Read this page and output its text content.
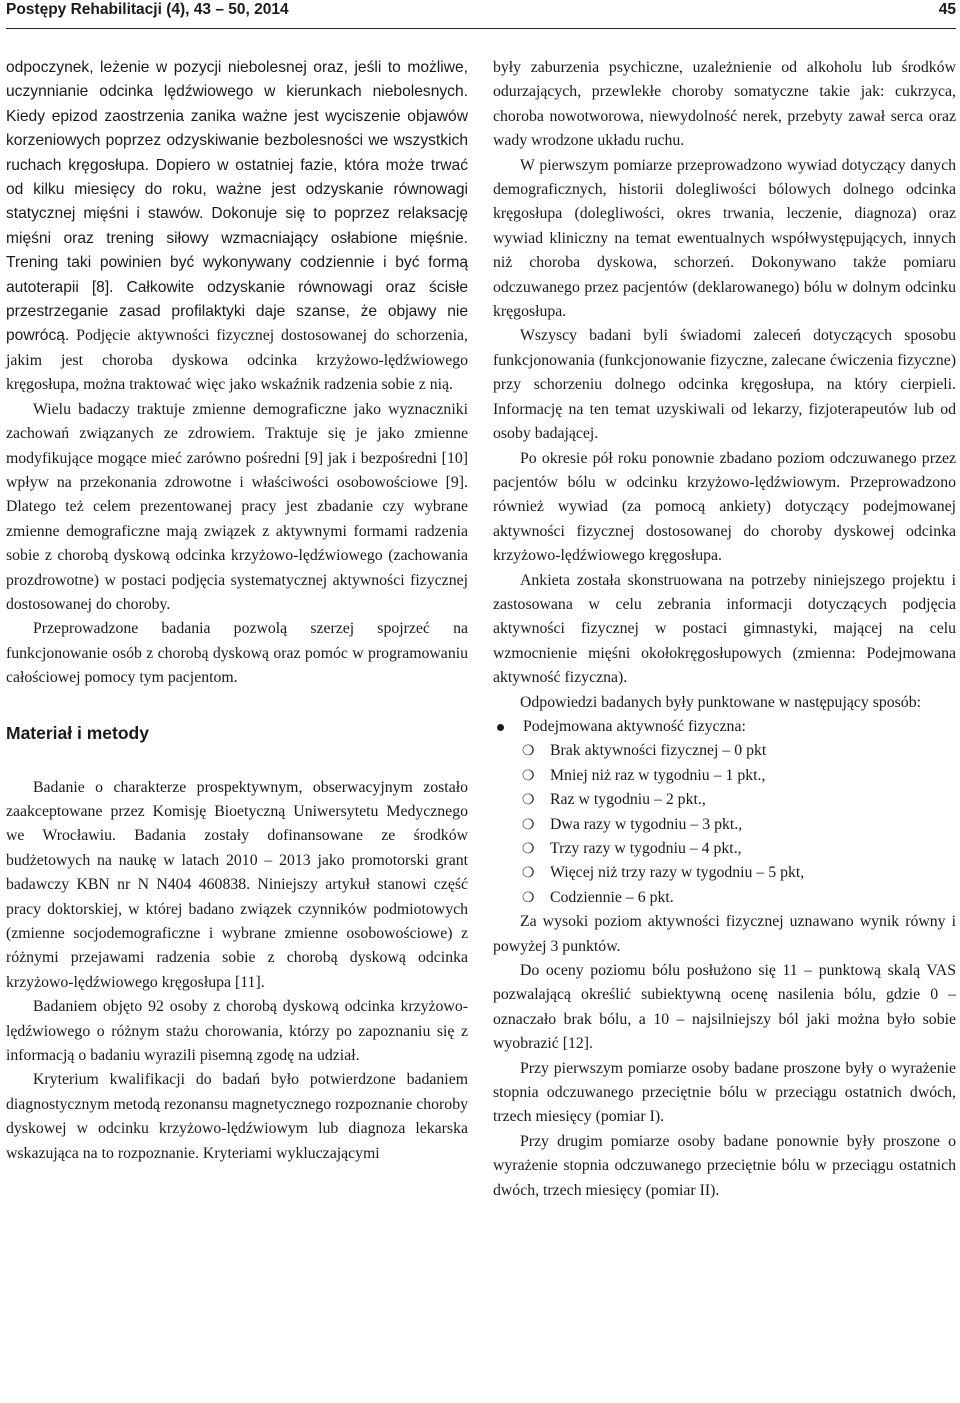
Postępy Rehabilitacji (4), 43 – 50, 2014	45

odpoczynek, leżenie w pozycji niebolesnej oraz, jeśli to możliwe, uczynnianie odcinka lędźwiowego w kierunkach niebolesnych. Kiedy epizod zaostrzenia zanika ważne jest wyciszenie objawów korzeniowych poprzez odzyskiwanie bezbolesności we wszystkich ruchach kręgosłupa. Dopiero w ostatniej fazie, która może trwać od kilku miesięcy do roku, ważne jest odzyskanie równowagi statycznej mięśni i stawów. Dokonuje się to poprzez relaksację mięśni oraz trening siłowy wzmacniający osłabione mięśnie. Trening taki powinien być wykonywany codziennie i być formą autoterapii [8]. Całkowite odzyskanie równowagi oraz ścisłe przestrzeganie zasad profilaktyki daje szanse, że objawy nie powrócą. Podjęcie aktywności fizycznej dostosowanej do schorzenia, jakim jest choroba dyskowa odcinka krzyżowo-lędźwiowego kręgosłupa, można traktować więc jako wskaźnik radzenia sobie z nią.

Wielu badaczy traktuje zmienne demograficzne jako wyznaczniki zachowań związanych ze zdrowiem. Traktuje się je jako zmienne modyfikujące mogące mieć zarówno pośredni [9] jak i bezpośredni [10] wpływ na przekonania zdrowotne i właściwości osobowościowe [9]. Dlatego też celem prezentowanej pracy jest zbadanie czy wybrane zmienne demograficzne mają związek z aktywnymi formami radzenia sobie z chorobą dyskową odcinka krzyżowo-lędźwiowego (zachowania prozdrowotne) w postaci podjęcia systematycznej aktywności fizycznej dostosowanej do choroby.

Przeprowadzone badania pozwolą szerzej spojrzeć na funkcjonowanie osób z chorobą dyskową oraz pomóc w programowaniu całościowej pomocy tym pacjentom.

Materiał i metody

Badanie o charakterze prospektywnym, obserwacyjnym zostało zaakceptowane przez Komisję Bioetyczną Uniwersytetu Medycznego we Wrocławiu. Badania zostały dofinansowane ze środków budżetowych na naukę w latach 2010 – 2013 jako promotorski grant badawczy KBN nr N N404 460838. Niniejszy artykuł stanowi część pracy doktorskiej, w której badano związek czynników podmiotowych (zmienne socjodemograficzne i wybrane zmienne osobowościowe) z różnymi przejawami radzenia sobie z chorobą dyskową odcinka krzyżowo-lędźwiowego kręgosłupa [11].

Badaniem objęto 92 osoby z chorobą dyskową odcinka krzyżowo-lędźwiowego o różnym stażu chorowania, którzy po zapoznaniu się z informacją o badaniu wyrazili pisemną zgodę na udział.

Kryterium kwalifikacji do badań było potwierdzone badaniem diagnostycznym metodą rezonansu magnetycznego rozpoznanie choroby dyskowej w odcinku krzyżowo-lędźwiowym lub diagnoza lekarska wskazująca na to rozpoznanie. Kryteriami wykluczającymi

były zaburzenia psychiczne, uzależnienie od alkoholu lub środków odurzających, przewlekłe choroby somatyczne takie jak: cukrzyca, choroba nowotworowa, niewydolność nerek, przebyty zawał serca oraz wady wrodzone układu ruchu.

W pierwszym pomiarze przeprowadzono wywiad dotyczący danych demograficznych, historii dolegliwości bólowych dolnego odcinka kręgosłupa (dolegliwości, okres trwania, leczenie, diagnoza) oraz wywiad kliniczny na temat ewentualnych współwystępujących, innych niż choroba dyskowa, schorzeń. Dokonywano także pomiaru odczuwanego przez pacjentów (deklarowanego) bólu w dolnym odcinku kręgosłupa.

Wszyscy badani byli świadomi zaleceń dotyczących sposobu funkcjonowania (funkcjonowanie fizyczne, zalecane ćwiczenia fizyczne) przy schorzeniu dolnego odcinka kręgosłupa, na który cierpieli. Informację na ten temat uzyskiwali od lekarzy, fizjoterapeutów lub od osoby badającej.

Po okresie pół roku ponownie zbadano poziom odczuwanego przez pacjentów bólu w odcinku krzyżowo-lędźwiowym. Przeprowadzono również wywiad (za pomocą ankiety) dotyczący podejmowanej aktywności fizycznej dostosowanej do choroby dyskowej odcinka krzyżowo-lędźwiowego kręgosłupa.

Ankieta została skonstruowana na potrzeby niniejszego projektu i zastosowana w celu zebrania informacji dotyczących podjęcia aktywności fizycznej w postaci gimnastyki, mającej na celu wzmocnienie mięśni okołokręgosłupowych (zmienna: Podejmowana aktywność fizyczna).

Odpowiedzi badanych były punktowane w następujący sposób:

Podejmowana aktywność fizyczna:
❍ Brak aktywności fizycznej – 0 pkt
❍ Mniej niż raz w tygodniu – 1 pkt.,
❍ Raz w tygodniu – 2 pkt.,
❍ Dwa razy w tygodniu – 3 pkt.,
❍ Trzy razy w tygodniu – 4 pkt.,
❍ Więcej niż trzy razy w tygodniu – 5 pkt,
❍ Codziennie – 6 pkt.

Za wysoki poziom aktywności fizycznej uznawano wynik równy i powyżej 3 punktów.

Do oceny poziomu bólu posłużono się 11 – punktową skalą VAS pozwalającą określić subiektywną ocenę nasilenia bólu, gdzie 0 – oznaczało brak bólu, a 10 – najsilniejszy ból jaki można było sobie wyobrazić [12].

Przy pierwszym pomiarze osoby badane proszone były o wyrażenie stopnia odczuwanego przeciętnie bólu w przeciągu ostatnich dwóch, trzech miesięcy (pomiar I).

Przy drugim pomiarze osoby badane ponownie były proszone o wyrażenie stopnia odczuwanego przeciętnie bólu w przeciągu ostatnich dwóch, trzech miesięcy (pomiar II).
